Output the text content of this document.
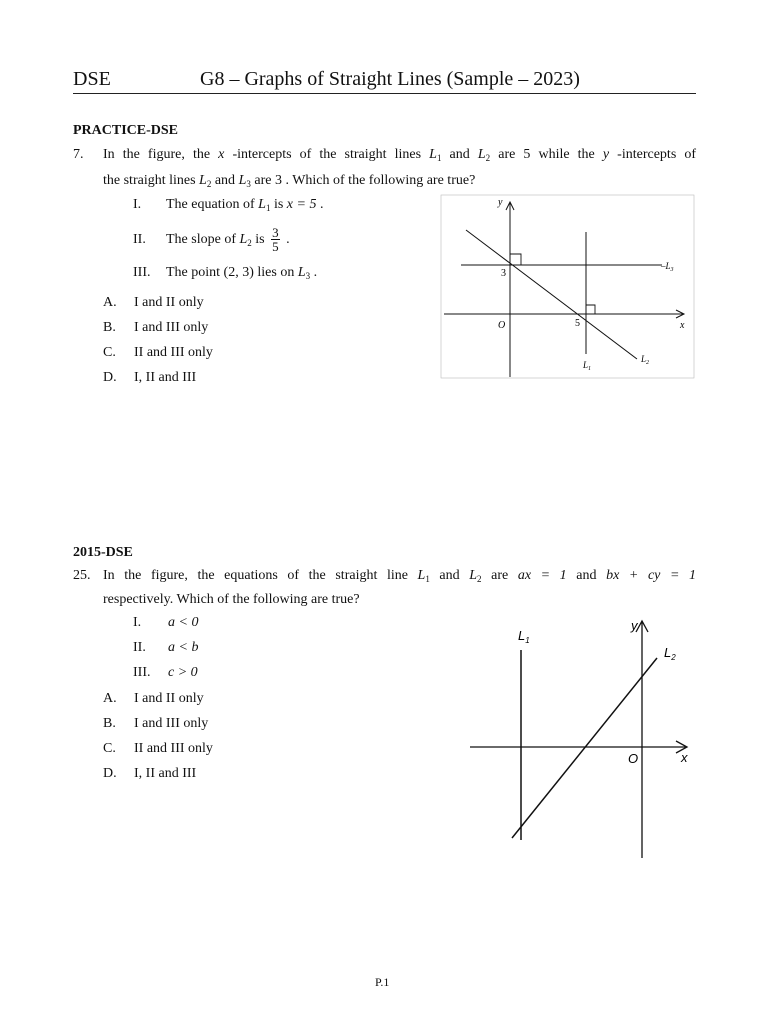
DSE	G8 – Graphs of Straight Lines (Sample – 2023)
PRACTICE-DSE
7. In the figure, the x -intercepts of the straight lines $L_1$ and $L_2$ are 5 while the y -intercepts of
the straight lines $L_2$ and $L_3$ are 3 . Which of the following are true?
I. The equation of $L_1$ is x = 5 .
II. The slope of $L_2$ is $\frac{3}{5}$ .
III. The point (2, 3) lies on $L_3$ .
A. I and II only
B. I and III only
C. II and III only
D. I, II and III
y
x
O
3
5
$-L_3$
$L_1$
$L_2$
2015-DSE
25. In the figure, the equations of the straight line $L_1$ and $L_2$ are ax = 1 and bx + cy = 1
respectively. Which of the following are true?
I. a < 0
II. a < b
III. c > 0
A. I and II only
B. I and III only
C. II and III only
D. I, II and III
y
x
O
$L_1$
$L_2$
P.1
